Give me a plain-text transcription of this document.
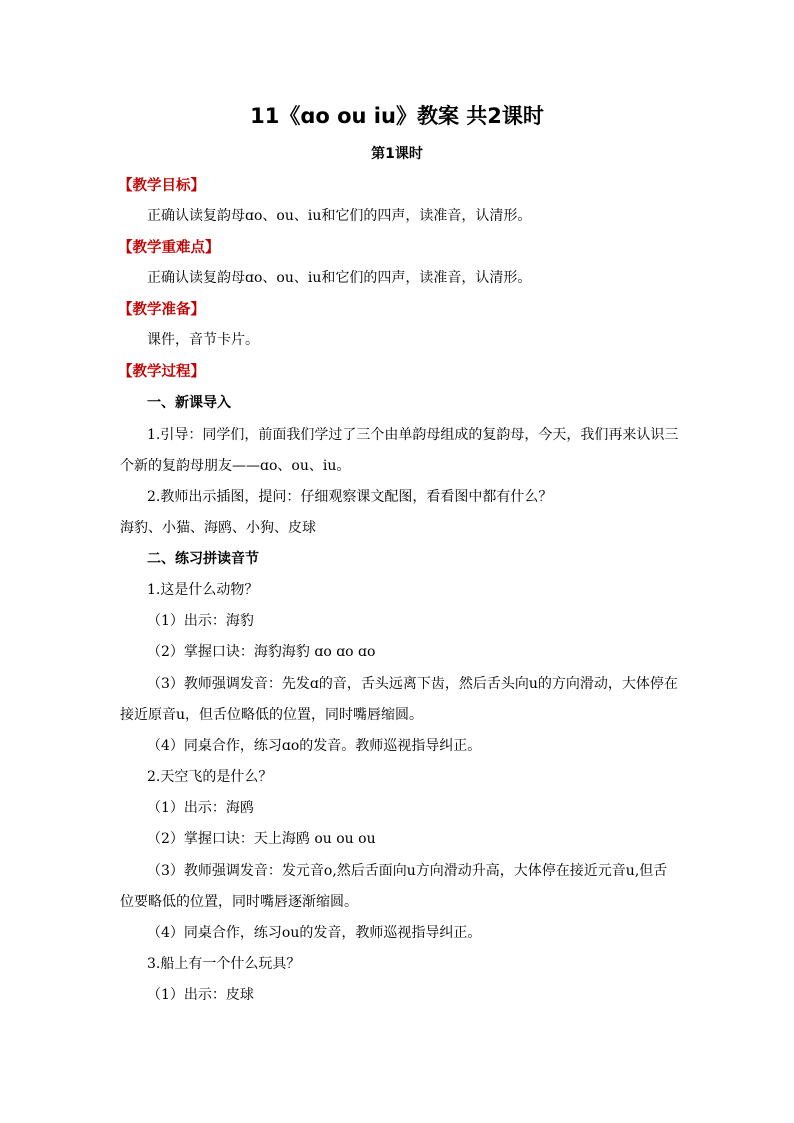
11《ɑo ou iu》教案 共2课时
第1课时
【教学目标】
正确认读复韵母ɑo、ou、iu和它们的四声，读准音，认清形。
【教学重难点】
正确认读复韵母ɑo、ou、iu和它们的四声，读准音，认清形。
【教学准备】
课件，音节卡片。
【教学过程】
一、新课导入
1.引导：同学们，前面我们学过了三个由单韵母组成的复韵母，今天，我们再来认识三个新的复韵母朋友——ɑo、ou、iu。
2.教师出示插图，提问：仔细观察课文配图，看看图中都有什么？
海豹、小猫、海鸥、小狗、皮球
二、练习拼读音节
1.这是什么动物？
（1）出示：海豹
（2）掌握口诀：海豹海豹 ɑo ɑo ɑo
（3）教师强调发音：先发ɑ的音，舌头远离下齿，然后舌头向u的方向滑动，大体停在接近原音u，但舌位略低的位置，同时嘴唇缩圆。
（4）同桌合作，练习ɑo的发音。教师巡视指导纠正。
2.天空飞的是什么？
（1）出示：海鸥
（2）掌握口诀：天上海鸥 ou ou ou
（3）教师强调发音：发元音o,然后舌面向u方向滑动升高，大体停在接近元音u,但舌位要略低的位置，同时嘴唇逐渐缩圆。
（4）同桌合作，练习ou的发音，教师巡视指导纠正。
3.船上有一个什么玩具？
（1）出示：皮球
